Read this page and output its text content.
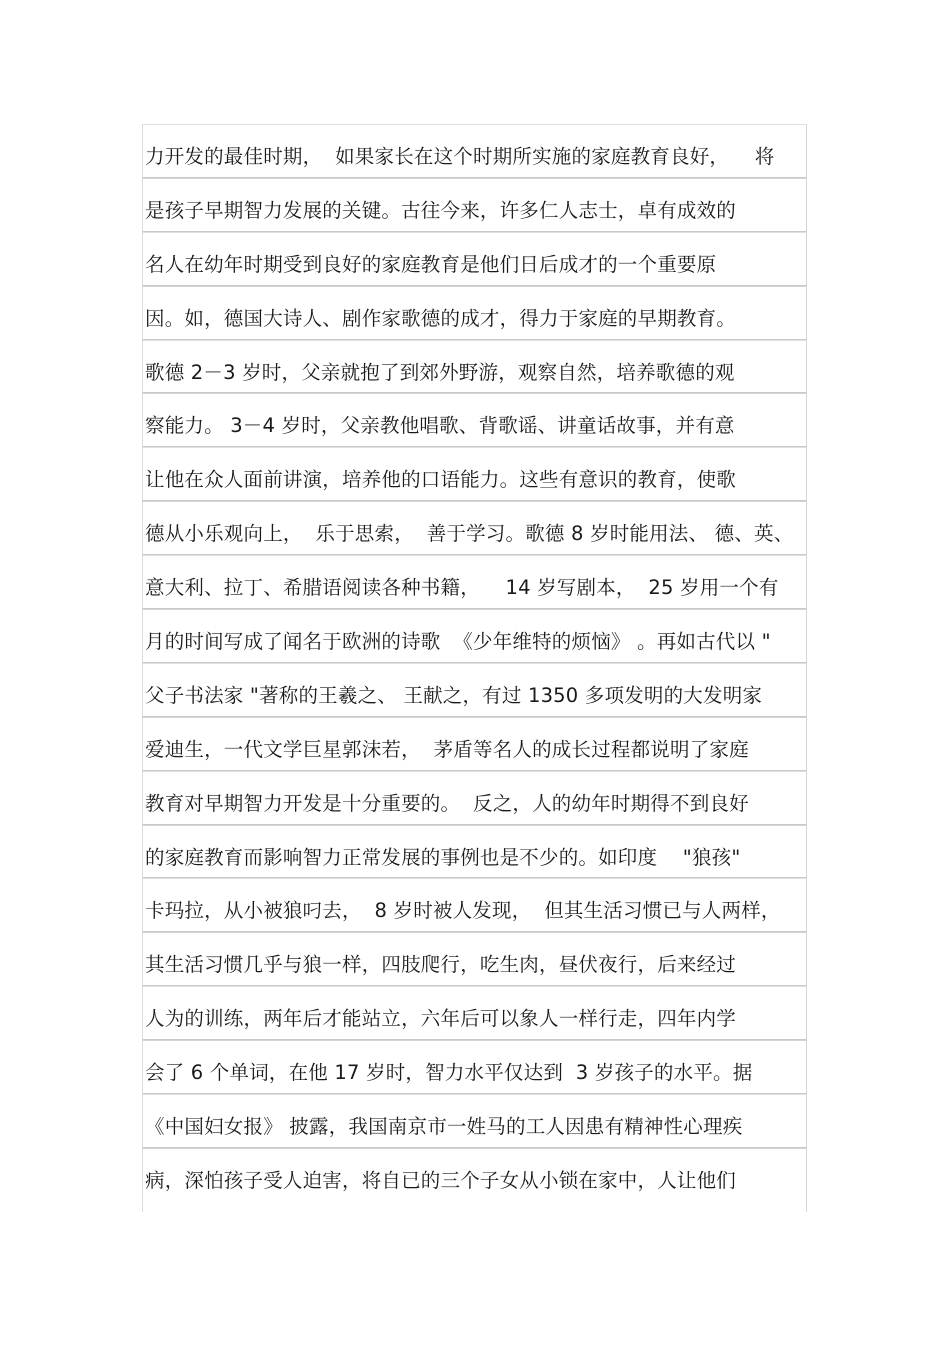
力开发的最佳时期，  如果家长在这个时期所实施的家庭教育良好，    将
是孩子早期智力发展的关键。古往今来，许多仁人志士，卓有成效的
名人在幼年时期受到良好的家庭教育是他们日后成才的一个重要原
因。如，德国大诗人、剧作家歌德的成才，得力于家庭的早期教育。
歌德 2－3 岁时，父亲就抱了到郊外野游，观察自然，培养歌德的观
察能力。 3－4 岁时，父亲教他唱歌、背歌谣、讲童话故事，并有意
让他在众人面前讲演，培养他的口语能力。这些有意识的教育，使歌
德从小乐观向上，  乐于思索，  善于学习。歌德 8 岁时能用法、 德、英、
意大利、拉丁、希腊语阅读各种书籍，    14 岁写剧本，  25 岁用一个有
月的时间写成了闻名于欧洲的诗歌  《少年维特的烦恼》 。再如古代以 "
父子书法家 "著称的王羲之、 王献之，有过 1350 多项发明的大发明家
爱迪生，一代文学巨星郭沫若，  茅盾等名人的成长过程都说明了家庭
教育对早期智力开发是十分重要的。  反之，人的幼年时期得不到良好
的家庭教育而影响智力正常发展的事例也是不少的。如印度    "狼孩"
卡玛拉，从小被狼叼去，  8 岁时被人发现，  但其生活习惯已与人两样，
其生活习惯几乎与狼一样，四肢爬行，吃生肉，昼伏夜行，后来经过
人为的训练，两年后才能站立，六年后可以象人一样行走，四年内学
会了 6 个单词，在他 17 岁时，智力水平仅达到  3 岁孩子的水平。据
《中国妇女报》 披露，我国南京市一姓马的工人因患有精神性心理疾
病，深怕孩子受人迫害，将自已的三个子女从小锁在家中，人让他们
